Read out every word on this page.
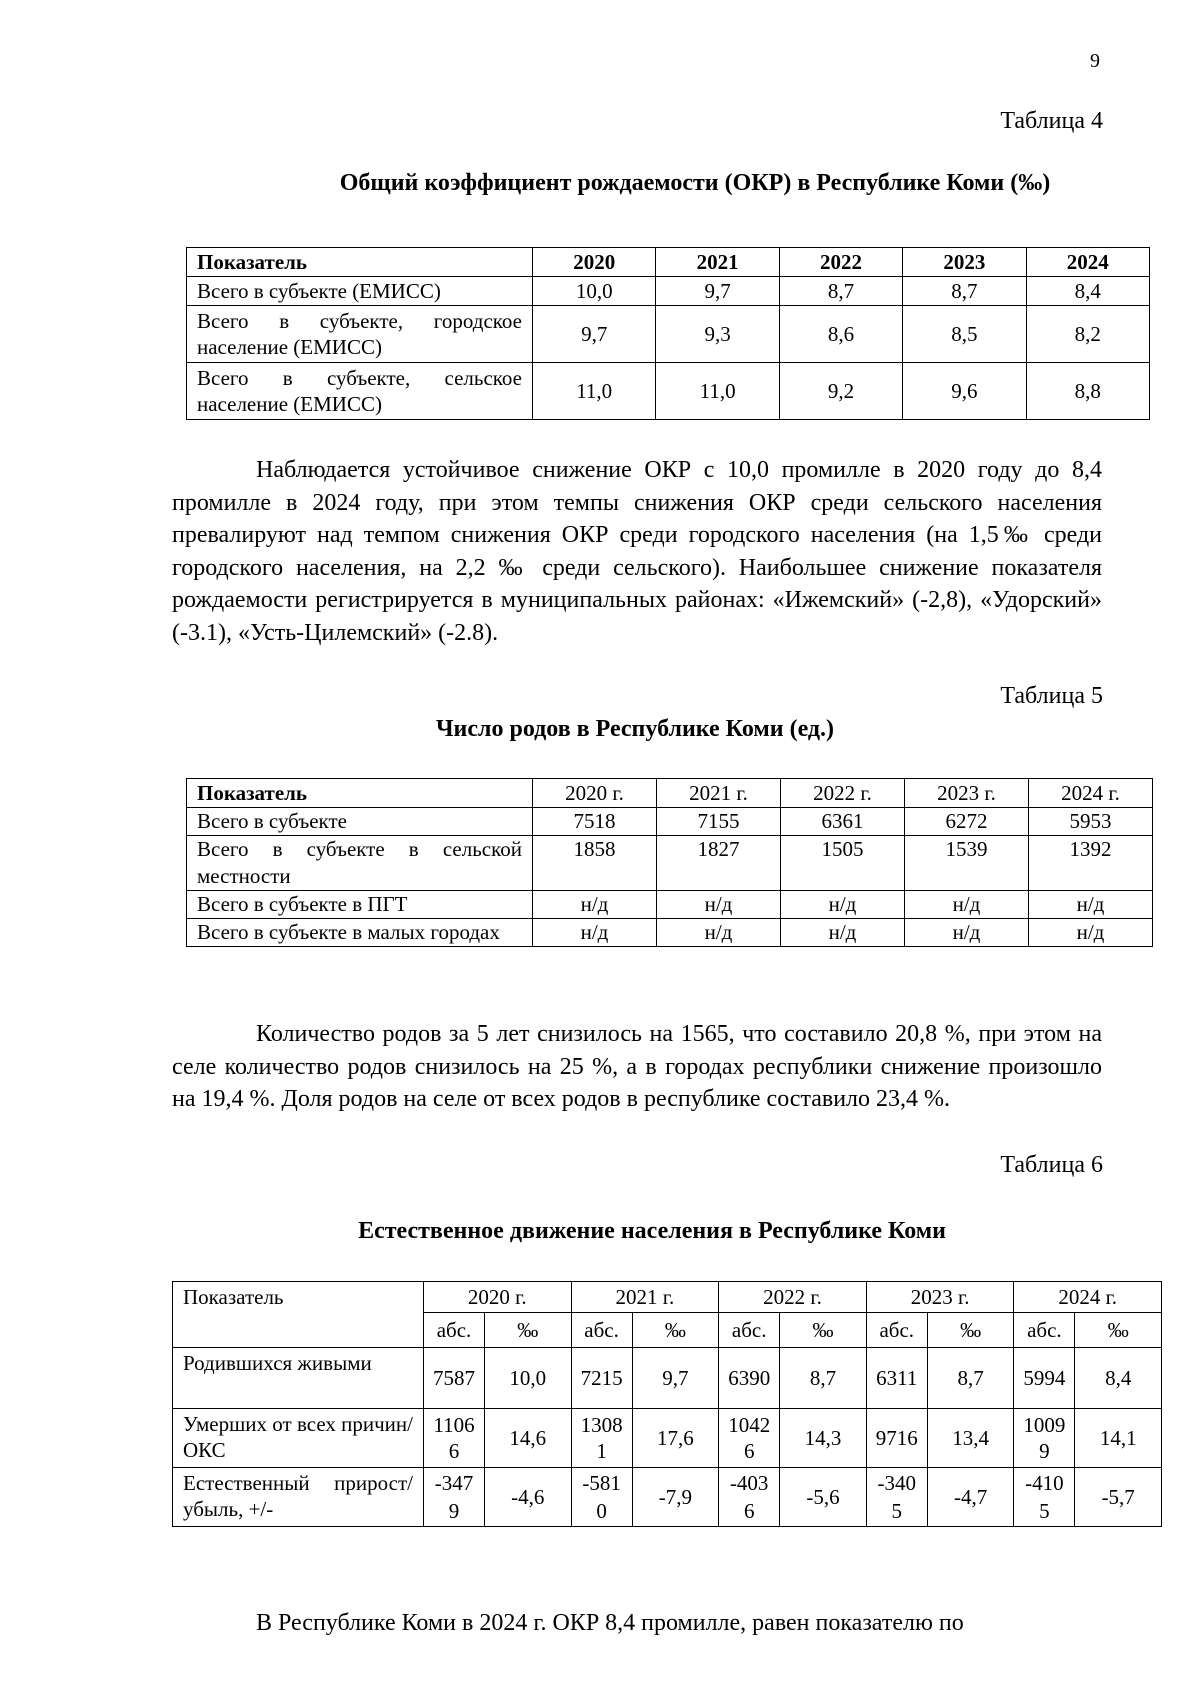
9
Таблица 4
Общий коэффициент рождаемости (ОКР) в Республике Коми (‰)
Показатель	2020	2021	2022	2023	2024
Всего в субъекте (ЕМИСС)	10,0	9,7	8,7	8,7	8,4
Всего в субъекте, городское население (ЕМИСС)	9,7	9,3	8,6	8,5	8,2
Всего в субъекте, сельское население (ЕМИСС)	11,0	11,0	9,2	9,6	8,8

Наблюдается устойчивое снижение ОКР с 10,0 промилле в 2020 году до 8,4 промилле в 2024 году, при этом темпы снижения ОКР среди сельского населения превалируют над темпом снижения ОКР среди городского населения (на 1,5‰ среди городского населения, на 2,2 ‰ среди сельского). Наибольшее снижение показателя рождаемости регистрируется в муниципальных районах: «Ижемский» (-2,8), «Удорский» (-3.1), «Усть-Цилемский» (-2.8).

Таблица 5
Число родов в Республике Коми (ед.)
Показатель	2020 г.	2021 г.	2022 г.	2023 г.	2024 г.
Всего в субъекте	7518	7155	6361	6272	5953
Всего в субъекте в сельской местности	1858	1827	1505	1539	1392
Всего в субъекте в ПГТ	н/д	н/д	н/д	н/д	н/д
Всего в субъекте в малых городах	н/д	н/д	н/д	н/д	н/д

Количество родов за 5 лет снизилось на 1565, что составило 20,8 %, при этом на селе количество родов снизилось на 25 %, а в городах республики снижение произошло на 19,4 %. Доля родов на селе от всех родов в республике составило 23,4 %.

Таблица 6
Естественное движение населения в Республике Коми
Показатель	2020 г.		2021 г.		2022 г.		2023 г.		2024 г.	
	абс.	‰	абс.	‰	абс.	‰	абс.	‰	абс.	‰
Родившихся живыми	7587	10,0	7215	9,7	6390	8,7	6311	8,7	5994	8,4
Умерших от всех причин/ОКС	11066	14,6	13081	17,6	10426	14,3	9716	13,4	10099	14,1
Естественный прирост/убыль, +/-	-3479	-4,6	-5810	-7,9	-4036	-5,6	-3405	-4,7	-4105	-5,7

В Республике Коми в 2024 г. ОКР 8,4 промилле, равен показателю по
